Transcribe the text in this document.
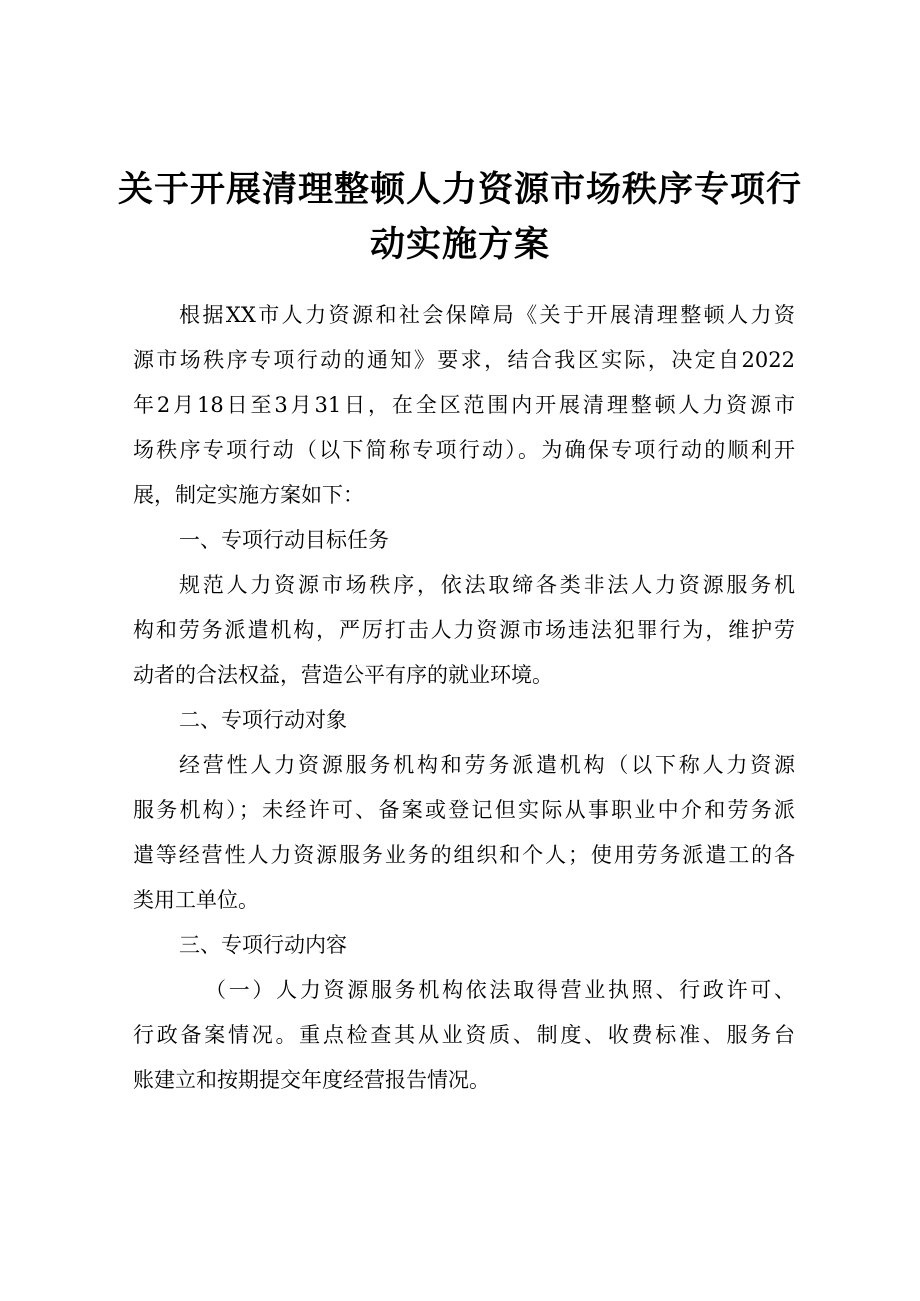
关于开展清理整顿人力资源市场秩序专项行
动实施方案
根据XX市人力资源和社会保障局《关于开展清理整顿人力资
源市场秩序专项行动的通知》要求，结合我区实际，决定自2022
年2月18日至3月31日，在全区范围内开展清理整顿人力资源市
场秩序专项行动（以下简称专项行动）。为确保专项行动的顺利开
展，制定实施方案如下：
一、专项行动目标任务
规范人力资源市场秩序，依法取缔各类非法人力资源服务机
构和劳务派遣机构，严厉打击人力资源市场违法犯罪行为，维护劳
动者的合法权益，营造公平有序的就业环境。
二、专项行动对象
经营性人力资源服务机构和劳务派遣机构（以下称人力资源
服务机构）；未经许可、备案或登记但实际从事职业中介和劳务派
遣等经营性人力资源服务业务的组织和个人；使用劳务派遣工的各
类用工单位。
三、专项行动内容
（一）人力资源服务机构依法取得营业执照、行政许可、
行政备案情况。重点检查其从业资质、制度、收费标准、服务台
账建立和按期提交年度经营报告情况。
